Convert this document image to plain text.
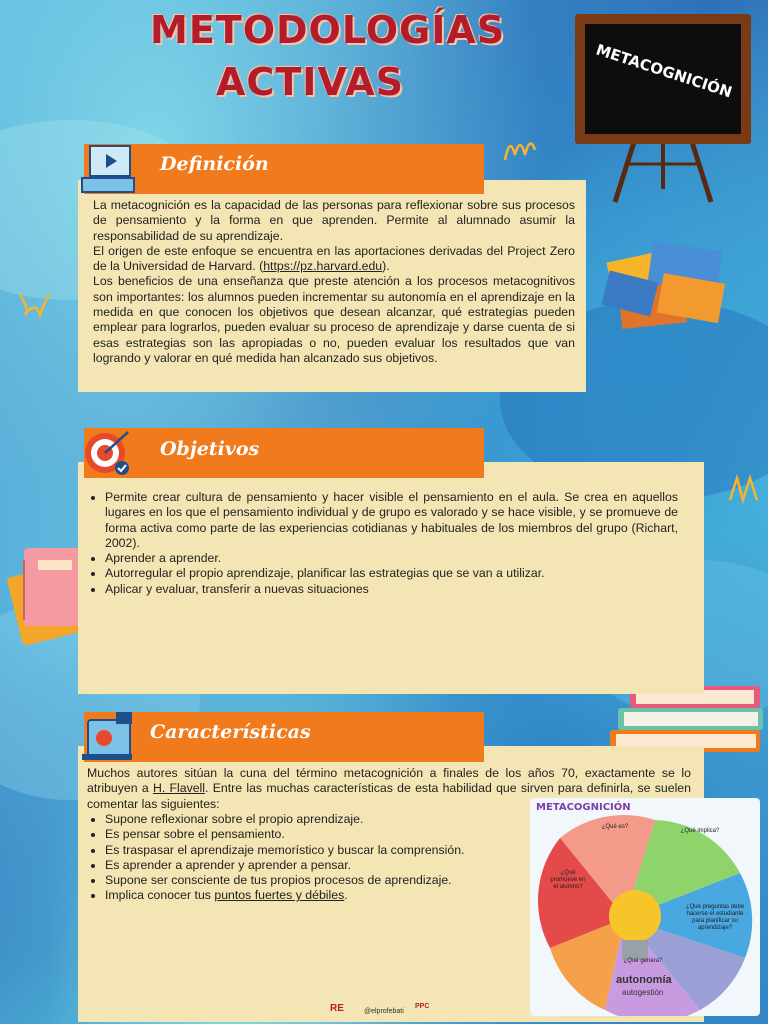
METODOLOGÍAS
ACTIVAS	METACOGNICIÓN
Definición

La metacognición es la capacidad de las personas para reflexionar sobre sus procesos de pensamiento y la forma en que aprenden. Permite al alumnado asumir la responsabilidad de su aprendizaje.

El origen de este enfoque se encuentra en las aportaciones derivadas del Project Zero de la Universidad de Harvard. (https://pz.harvard.edu).

Los beneficios de una enseñanza que preste atención a los procesos metacognitivos son importantes: los alumnos pueden incrementar su autonomía en el aprendizaje en la medida en que conocen los objetivos que desean alcanzar, qué estrategias pueden emplear para lograrlos, pueden evaluar su proceso de aprendizaje y darse cuenta de si esas estrategias son las apropiadas o no, pueden evaluar los resultados que van logrando y valorar en qué medida han alcanzado sus objetivos.

Objetivos
• Permite crear cultura de pensamiento y hacer visible el pensamiento en el aula. Se crea en aquellos lugares en los que el pensamiento individual y de grupo es valorado y se hace visible, y se promueve de forma activa como parte de las experiencias cotidianas y habituales de los miembros del grupo (Richart, 2002).
• Aprender a aprender.
• Autorregular el propio aprendizaje, planificar las estrategias que se van a utilizar.
• Aplicar y evaluar, transferir a nuevas situaciones
Características

Muchos autores sitúan la cuna del término metacognición a finales de los años 70, exactamente se lo atribuyen a H. Flavell. Entre las muchas características de esta habilidad que sirven para definirla, se suelen comentar las siguientes:

• Supone reflexionar sobre el propio aprendizaje.
• Es pensar sobre el pensamiento.
• Es traspasar el aprendizaje memorístico y buscar la comprensión.
• Es aprender a aprender y aprender a pensar.
• Supone ser consciente de tus propios procesos de aprendizaje.
• Implica conocer tus puntos fuertes y débiles.
METACOGNICIÓN
¿Qué es?
¿Qué implica?
¿Qué promueve en el alumno?
¿Qué preguntas debe hacerse el estudiante para planificar su aprendizaje?
¿Qué genera?
autonomía
autogestión
RE	@elprofebati
PPC
